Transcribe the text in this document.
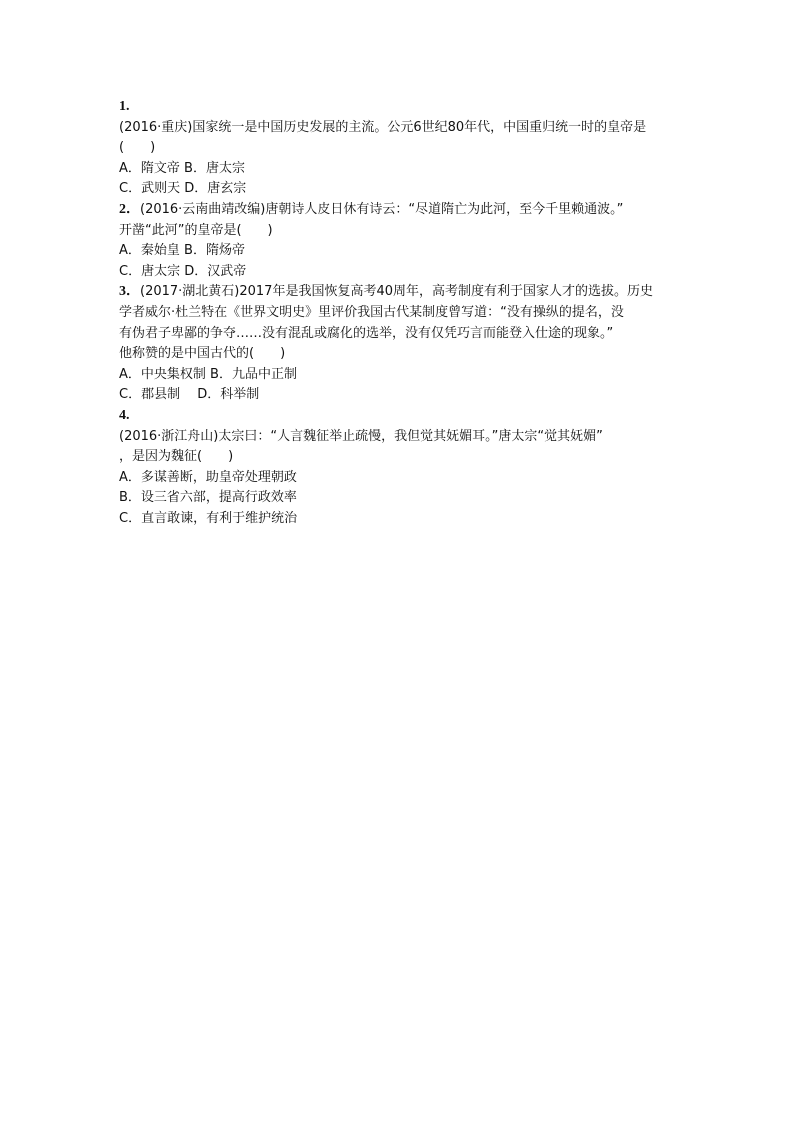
1.
(2016·重庆)国家统一是中国历史发展的主流。公元6世纪80年代，中国重归统一时的皇帝是
(　　)
A．隋文帝 B．唐太宗
C．武则天 D．唐玄宗
2．(2016·云南曲靖改编)唐朝诗人皮日休有诗云：“尽道隋亡为此河，至今千里赖通波。”
开凿“此河”的皇帝是(　　)
A．秦始皇 B．隋炀帝
C．唐太宗 D．汉武帝
3．(2017·湖北黄石)2017年是我国恢复高考40周年，高考制度有利于国家人才的选拔。历史
学者威尔·杜兰特在《世界文明史》里评价我国古代某制度曾写道：“没有操纵的提名，没
有伪君子卑鄙的争夺……没有混乱或腐化的选举，没有仅凭巧言而能登入仕途的现象。”
他称赞的是中国古代的(　　)
A．中央集权制 B．九品中正制
C．郡县制　 D．科举制
4.
(2016·浙江舟山)太宗曰：“人言魏征举止疏慢，我但觉其妩媚耳。”唐太宗“觉其妩媚”
，是因为魏征(　　)
A．多谋善断，助皇帝处理朝政
B．设三省六部，提高行政效率
C．直言敢谏，有利于维护统治
